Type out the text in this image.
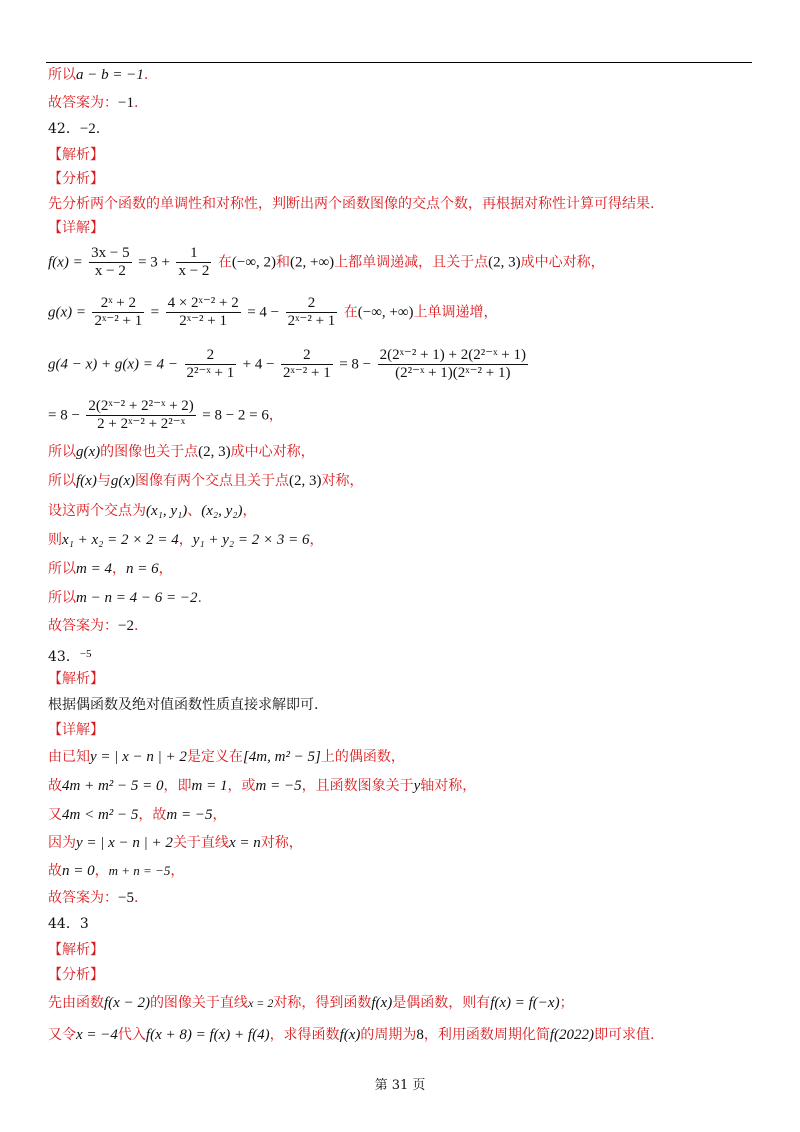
所以a − b = −1.
故答案为：−1.
42．−2.
【解析】
【分析】
先分析两个函数的单调性和对称性，判断出两个函数图像的交点个数，再根据对称性计算可得结果.
【详解】
$f(x) = \frac{3x - 5}{x - 2} = 3 + \frac{1}{x - 2}$ 在(−∞, 2)和(2, +∞)上都单调递减，且关于点(2, 3)成中心对称，
$g(x) = \frac{\text{2ˣ + 2}}{\text{2ˣ⁻² + 1}} = \frac{\text{4 × 2ˣ⁻² + 2}}{\text{2ˣ⁻² + 1}} = 4 - \frac{2}{\text{2ˣ⁻² + 1}}$ 在(−∞, +∞)上单调递增，
$g(4 - x) + g(x) = 4 - \frac{2}{\text{2²⁻ˣ + 1}} + 4 - \frac{2}{\text{2ˣ⁻² + 1}} = 8 - \frac{\text{2(2ˣ⁻² + 1) + 2(2²⁻ˣ + 1)}}{\text{(2²⁻ˣ + 1)(2ˣ⁻² + 1)}}$
= $8 - \frac{\text{2(2ˣ⁻² + 2²⁻ˣ + 2)}}{\text{2 + 2ˣ⁻² + 2²⁻ˣ}} = 8 - 2 = 6$，
所以g(x)的图像也关于点(2, 3)成中心对称，
所以f(x)与g(x)图像有两个交点且关于点(2, 3)对称，
设这两个交点为(x₁, y₁)、(x₂, y₂)，
则x₁ + x₂ = 2 × 2 = 4，y₁ + y₂ = 2 × 3 = 6，
所以m = 4，n = 6，
所以m − n = 4 − 6 = −2.
故答案为：−2.
43．$^{-5}$
【解析】
根据偶函数及绝对值函数性质直接求解即可.
【详解】
由已知y = | x − n | + 2是定义在[4m, m² − 5]上的偶函数，
故4m + m² − 5 = 0，即m = 1，或m = −5，且函数图象关于y轴对称，
又4m < m² − 5，故m = −5，
因为y = | x − n | + 2关于直线x = n对称，
故n = 0，m + n = −5，
故答案为：−5.
44．3
【解析】
【分析】
先由函数f(x − 2)的图像关于直线x = 2对称，得到函数f(x)是偶函数，则有f(x) = f(−x)；
又令x = −4代入f(x + 8) = f(x) + f(4)，求得函数f(x)的周期为8，利用函数周期化简f(2022)即可求值.
第 31 页
